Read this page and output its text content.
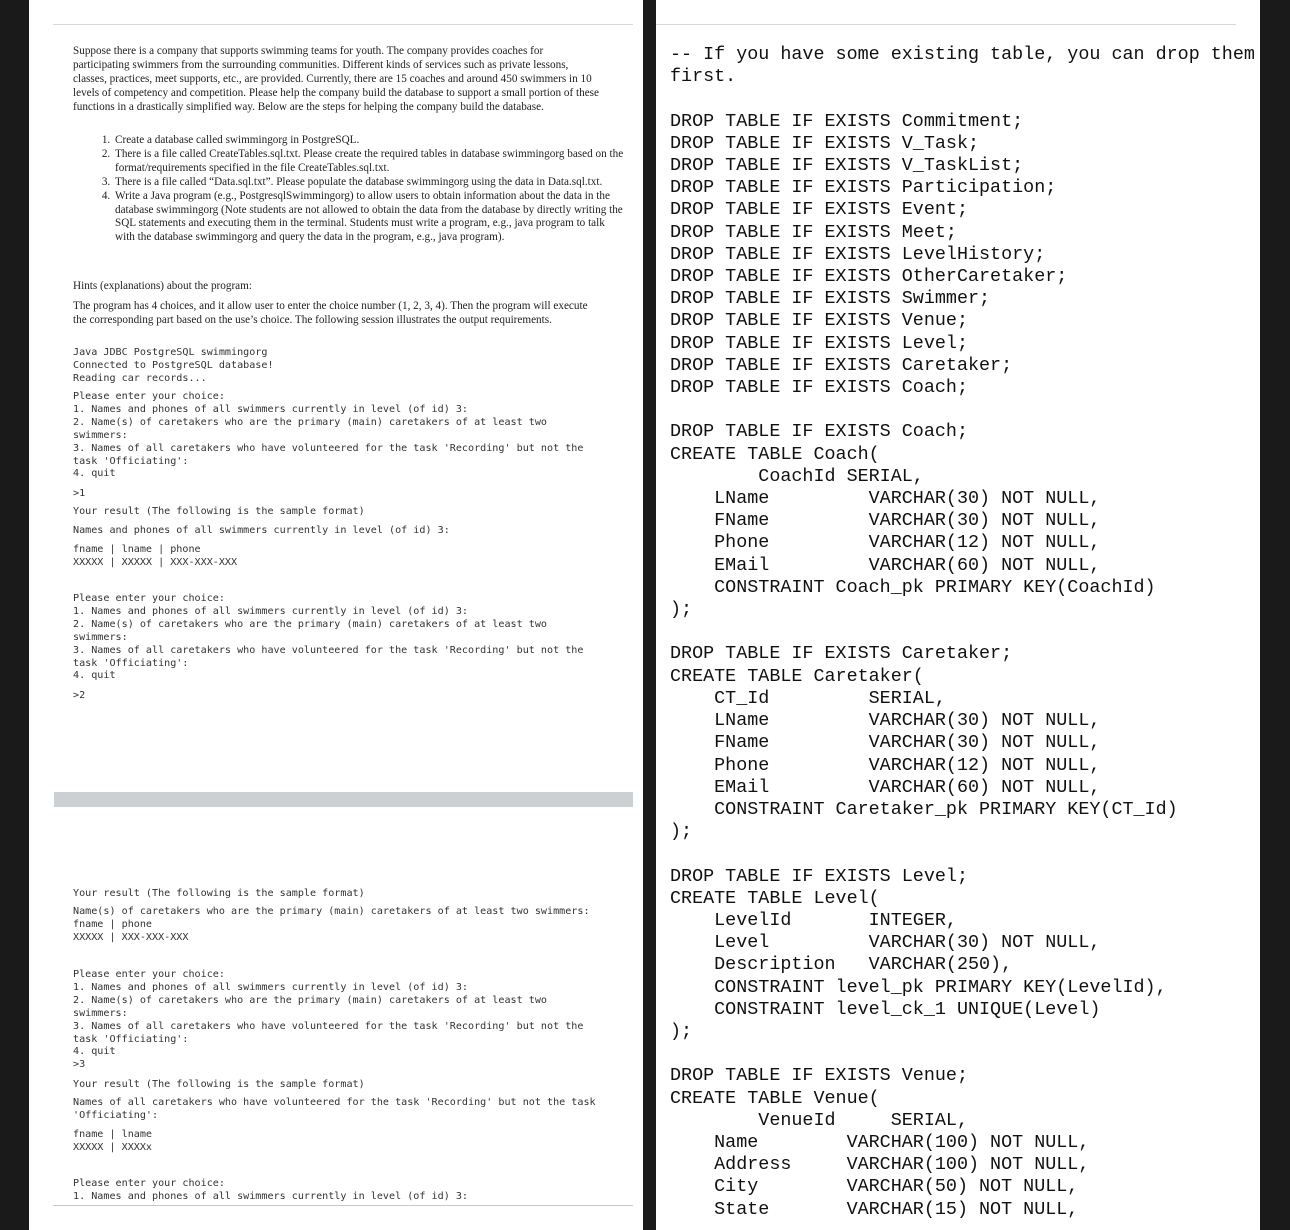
Suppose there is a company that supports swimming teams for youth. The company provides coaches for participating swimmers from the surrounding communities. Different kinds of services such as private lessons, classes, practices, meet supports, etc., are provided. Currently, there are 15 coaches and around 450 swimmers in 10 levels of competency and competition. Please help the company build the database to support a small portion of these functions in a drastically simplified way. Below are the steps for helping the company build the database.

1. Create a database called swimmingorg in PostgreSQL.
2. There is a file called CreateTables.sql.txt. Please create the required tables in database swimmingorg based on the format/requirements specified in the file CreateTables.sql.txt.
3. There is a file called “Data.sql.txt”. Please populate the database swimmingorg using the data in Data.sql.txt.
4. Write a Java program (e.g., PostgresqlSwimmingorg) to allow users to obtain information about the data in the database swimmingorg (Note students are not allowed to obtain the data from the database by directly writing the SQL statements and executing them in the terminal. Students must write a program, e.g., java program to talk with the database swimmingorg and query the data in the program, e.g., java program).

Hints (explanations) about the program:

The program has 4 choices, and it allow user to enter the choice number (1, 2, 3, 4). Then the program will execute the corresponding part based on the use’s choice. The following session illustrates the output requirements.

Java JDBC PostgreSQL swimmingorg
Connected to PostgreSQL database!
Reading car records...
Please enter your choice:
1. Names and phones of all swimmers currently in level (of id) 3:
2. Name(s) of caretakers who are the primary (main) caretakers of at least two swimmers:
3. Names of all caretakers who have volunteered for the task 'Recording' but not the task 'Officiating':
4. quit
>1
Your result (The following is the sample format)
Names and phones of all swimmers currently in level (of id) 3:
fname | lname | phone
XXXXX | XXXXX | XXX-XXX-XXX
Please enter your choice:
1. Names and phones of all swimmers currently in level (of id) 3:
2. Name(s) of caretakers who are the primary (main) caretakers of at least two swimmers:
3. Names of all caretakers who have volunteered for the task 'Recording' but not the task 'Officiating':
4. quit
>2
Your result (The following is the sample format)
Name(s) of caretakers who are the primary (main) caretakers of at least two swimmers:
fname | phone
XXXXX | XXX-XXX-XXX
Please enter your choice:
1. Names and phones of all swimmers currently in level (of id) 3:
2. Name(s) of caretakers who are the primary (main) caretakers of at least two swimmers:
3. Names of all caretakers who have volunteered for the task 'Recording' but not the task 'Officiating':
4. quit
>3
Your result (The following is the sample format)
Names of all caretakers who have volunteered for the task 'Recording' but not the task 'Officiating':
fname | lname
XXXXX | XXXXx
Please enter your choice:
1. Names and phones of all swimmers currently in level (of id) 3:
-- If you have some existing table, you can drop them
first.

DROP TABLE IF EXISTS Commitment;
DROP TABLE IF EXISTS V_Task;
DROP TABLE IF EXISTS V_TaskList;
DROP TABLE IF EXISTS Participation;
DROP TABLE IF EXISTS Event;
DROP TABLE IF EXISTS Meet;
DROP TABLE IF EXISTS LevelHistory;
DROP TABLE IF EXISTS OtherCaretaker;
DROP TABLE IF EXISTS Swimmer;
DROP TABLE IF EXISTS Venue;
DROP TABLE IF EXISTS Level;
DROP TABLE IF EXISTS Caretaker;
DROP TABLE IF EXISTS Coach;

DROP TABLE IF EXISTS Coach;
CREATE TABLE Coach(
CoachId SERIAL,
LName         VARCHAR(30) NOT NULL,
FName         VARCHAR(30) NOT NULL,
Phone         VARCHAR(12) NOT NULL,
EMail         VARCHAR(60) NOT NULL,
CONSTRAINT Coach_pk PRIMARY KEY(CoachId)
);

DROP TABLE IF EXISTS Caretaker;
CREATE TABLE Caretaker(
CT_Id         SERIAL,
LName         VARCHAR(30) NOT NULL,
FName         VARCHAR(30) NOT NULL,
Phone         VARCHAR(12) NOT NULL,
EMail         VARCHAR(60) NOT NULL,
CONSTRAINT Caretaker_pk PRIMARY KEY(CT_Id)
);

DROP TABLE IF EXISTS Level;
CREATE TABLE Level(
LevelId       INTEGER,
Level         VARCHAR(30) NOT NULL,
Description   VARCHAR(250),
CONSTRAINT level_pk PRIMARY KEY(LevelId),
CONSTRAINT level_ck_1 UNIQUE(Level)
);

DROP TABLE IF EXISTS Venue;
CREATE TABLE Venue(
VenueId     SERIAL,
Name        VARCHAR(100) NOT NULL,
Address     VARCHAR(100) NOT NULL,
City        VARCHAR(50) NOT NULL,
State       VARCHAR(15) NOT NULL,
